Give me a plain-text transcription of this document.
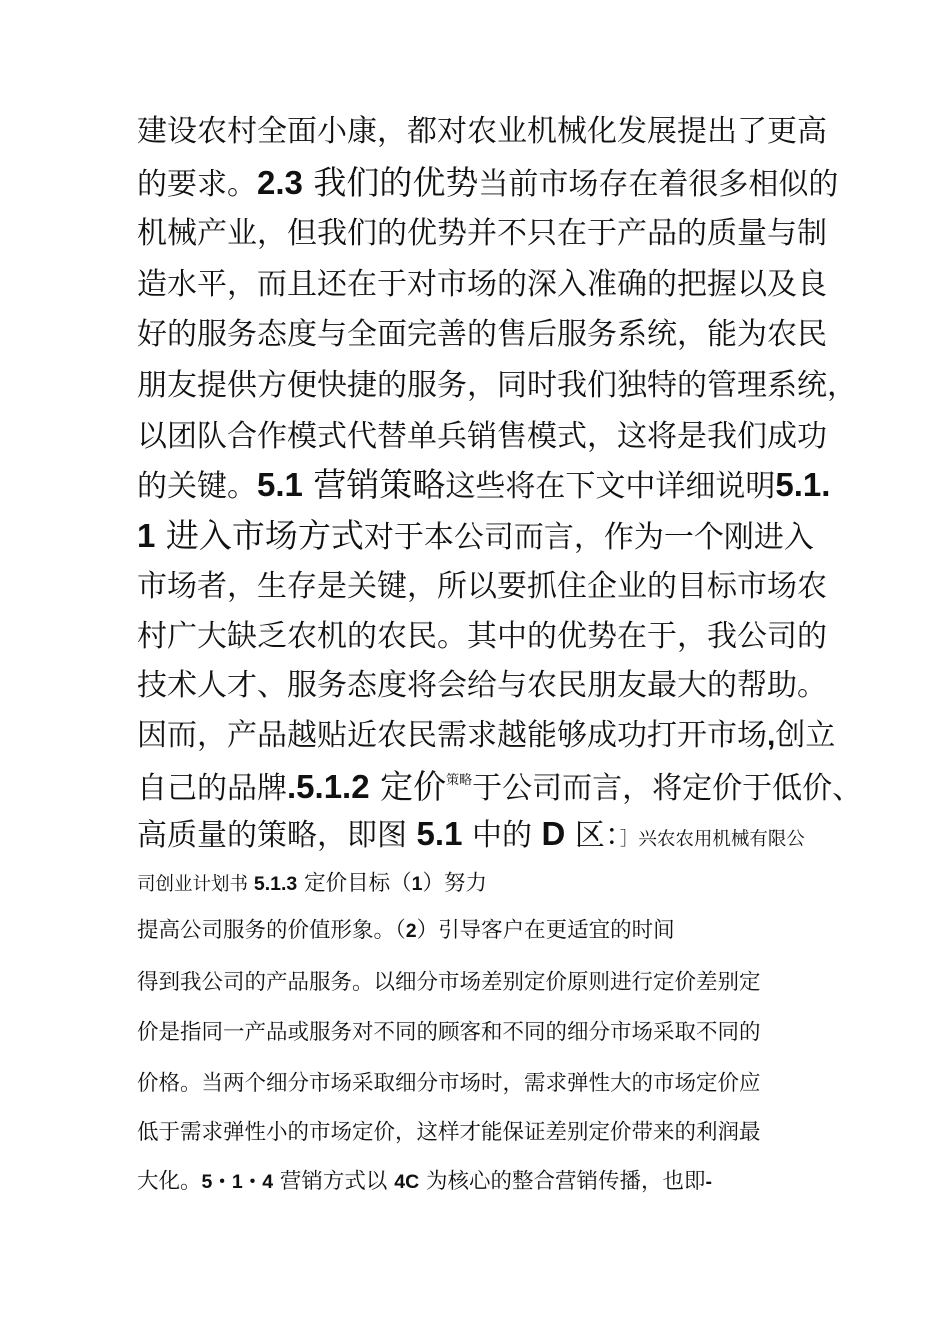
建设农村全面小康，都对农业机械化发展提出了更高
的要求。2.3 我们的优势当前市场存在着很多相似的
机械产业，但我们的优势并不只在于产品的质量与制
造水平，而且还在于对市场的深入准确的把握以及良
好的服务态度与全面完善的售后服务系统，能为农民
朋友提供方便快捷的服务，同时我们独特的管理系统，
以团队合作模式代替单兵销售模式，这将是我们成功
的关键。5.1 营销策略这些将在下文中详细说明5.1.
1 进入市场方式对于本公司而言，作为一个刚进入
市场者，生存是关键，所以要抓住企业的目标市场农
村广大缺乏农机的农民。其中的优势在于，我公司的
技术人才、服务态度将会给与农民朋友最大的帮助。
因而，产品越贴近农民需求越能够成功打开市场,创立
自己的品牌.5.1.2 定价$^{策略}$于公司而言，将定价于低价、
高质量的策略，即图 5.1 中的 D 区：］兴农农用机械有限公
司创业计划书 5.1.3 定价目标（1）努力
提高公司服务的价值形象。（2）引导客户在更适宜的时间
得到我公司的产品服务。以细分市场差别定价原则进行定价差别定
价是指同一产品或服务对不同的顾客和不同的细分市场采取不同的
价格。当两个细分市场采取细分市场时，需求弹性大的市场定价应
低于需求弹性小的市场定价，这样才能保证差别定价带来的利润最
大化。5・1・4 营销方式以 4C 为核心的整合营销传播，也即-
